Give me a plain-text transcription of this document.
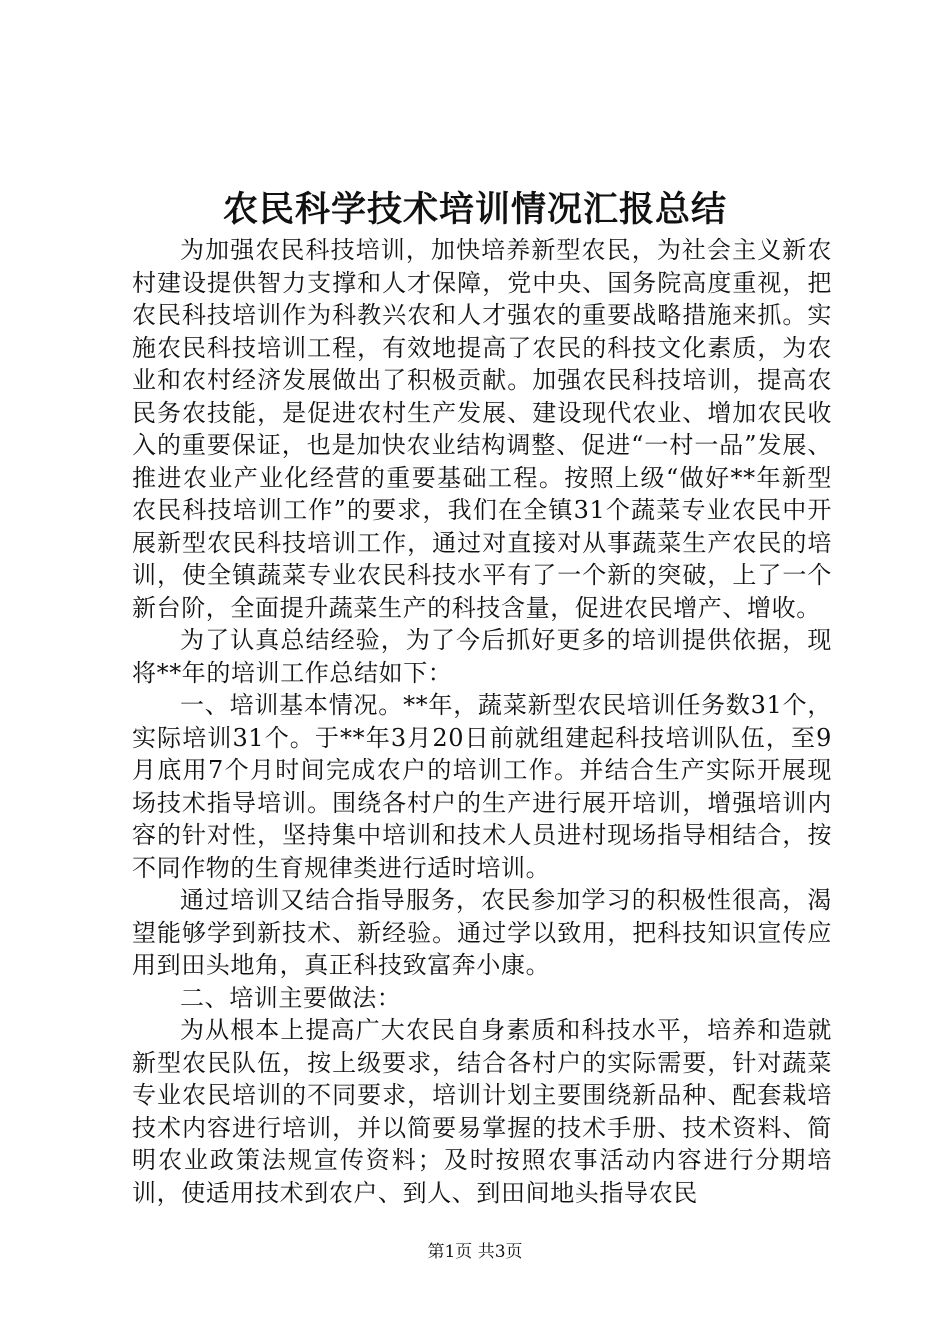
农民科学技术培训情况汇报总结

为加强农民科技培训，加快培养新型农民，为社会主义新农村建设提供智力支撑和人才保障，党中央、国务院高度重视，把农民科技培训作为科教兴农和人才强农的重要战略措施来抓。实施农民科技培训工程，有效地提高了农民的科技文化素质，为农业和农村经济发展做出了积极贡献。加强农民科技培训，提高农民务农技能，是促进农村生产发展、建设现代农业、增加农民收入的重要保证，也是加快农业结构调整、促进“一村一品”发展、推进农业产业化经营的重要基础工程。按照上级“做好**年新型农民科技培训工作”的要求，我们在全镇31个蔬菜专业农民中开展新型农民科技培训工作，通过对直接对从事蔬菜生产农民的培训，使全镇蔬菜专业农民科技水平有了一个新的突破，上了一个新台阶，全面提升蔬菜生产的科技含量，促进农民增产、增收。

为了认真总结经验，为了今后抓好更多的培训提供依据，现将**年的培训工作总结如下：

一、培训基本情况。**年，蔬菜新型农民培训任务数31个，实际培训31个。于**年3月20日前就组建起科技培训队伍，至9月底用7个月时间完成农户的培训工作。并结合生产实际开展现场技术指导培训。围绕各村户的生产进行展开培训，增强培训内容的针对性，坚持集中培训和技术人员进村现场指导相结合，按不同作物的生育规律类进行适时培训。

通过培训又结合指导服务，农民参加学习的积极性很高，渴望能够学到新技术、新经验。通过学以致用，把科技知识宣传应用到田头地角，真正科技致富奔小康。

二、培训主要做法：

为从根本上提高广大农民自身素质和科技水平，培养和造就新型农民队伍，按上级要求，结合各村户的实际需要，针对蔬菜专业农民培训的不同要求，培训计划主要围绕新品种、配套栽培技术内容进行培训，并以简要易掌握的技术手册、技术资料、简明农业政策法规宣传资料；及时按照农事活动内容进行分期培训，使适用技术到农户、到人、到田间地头指导农民

第1页 共3页
